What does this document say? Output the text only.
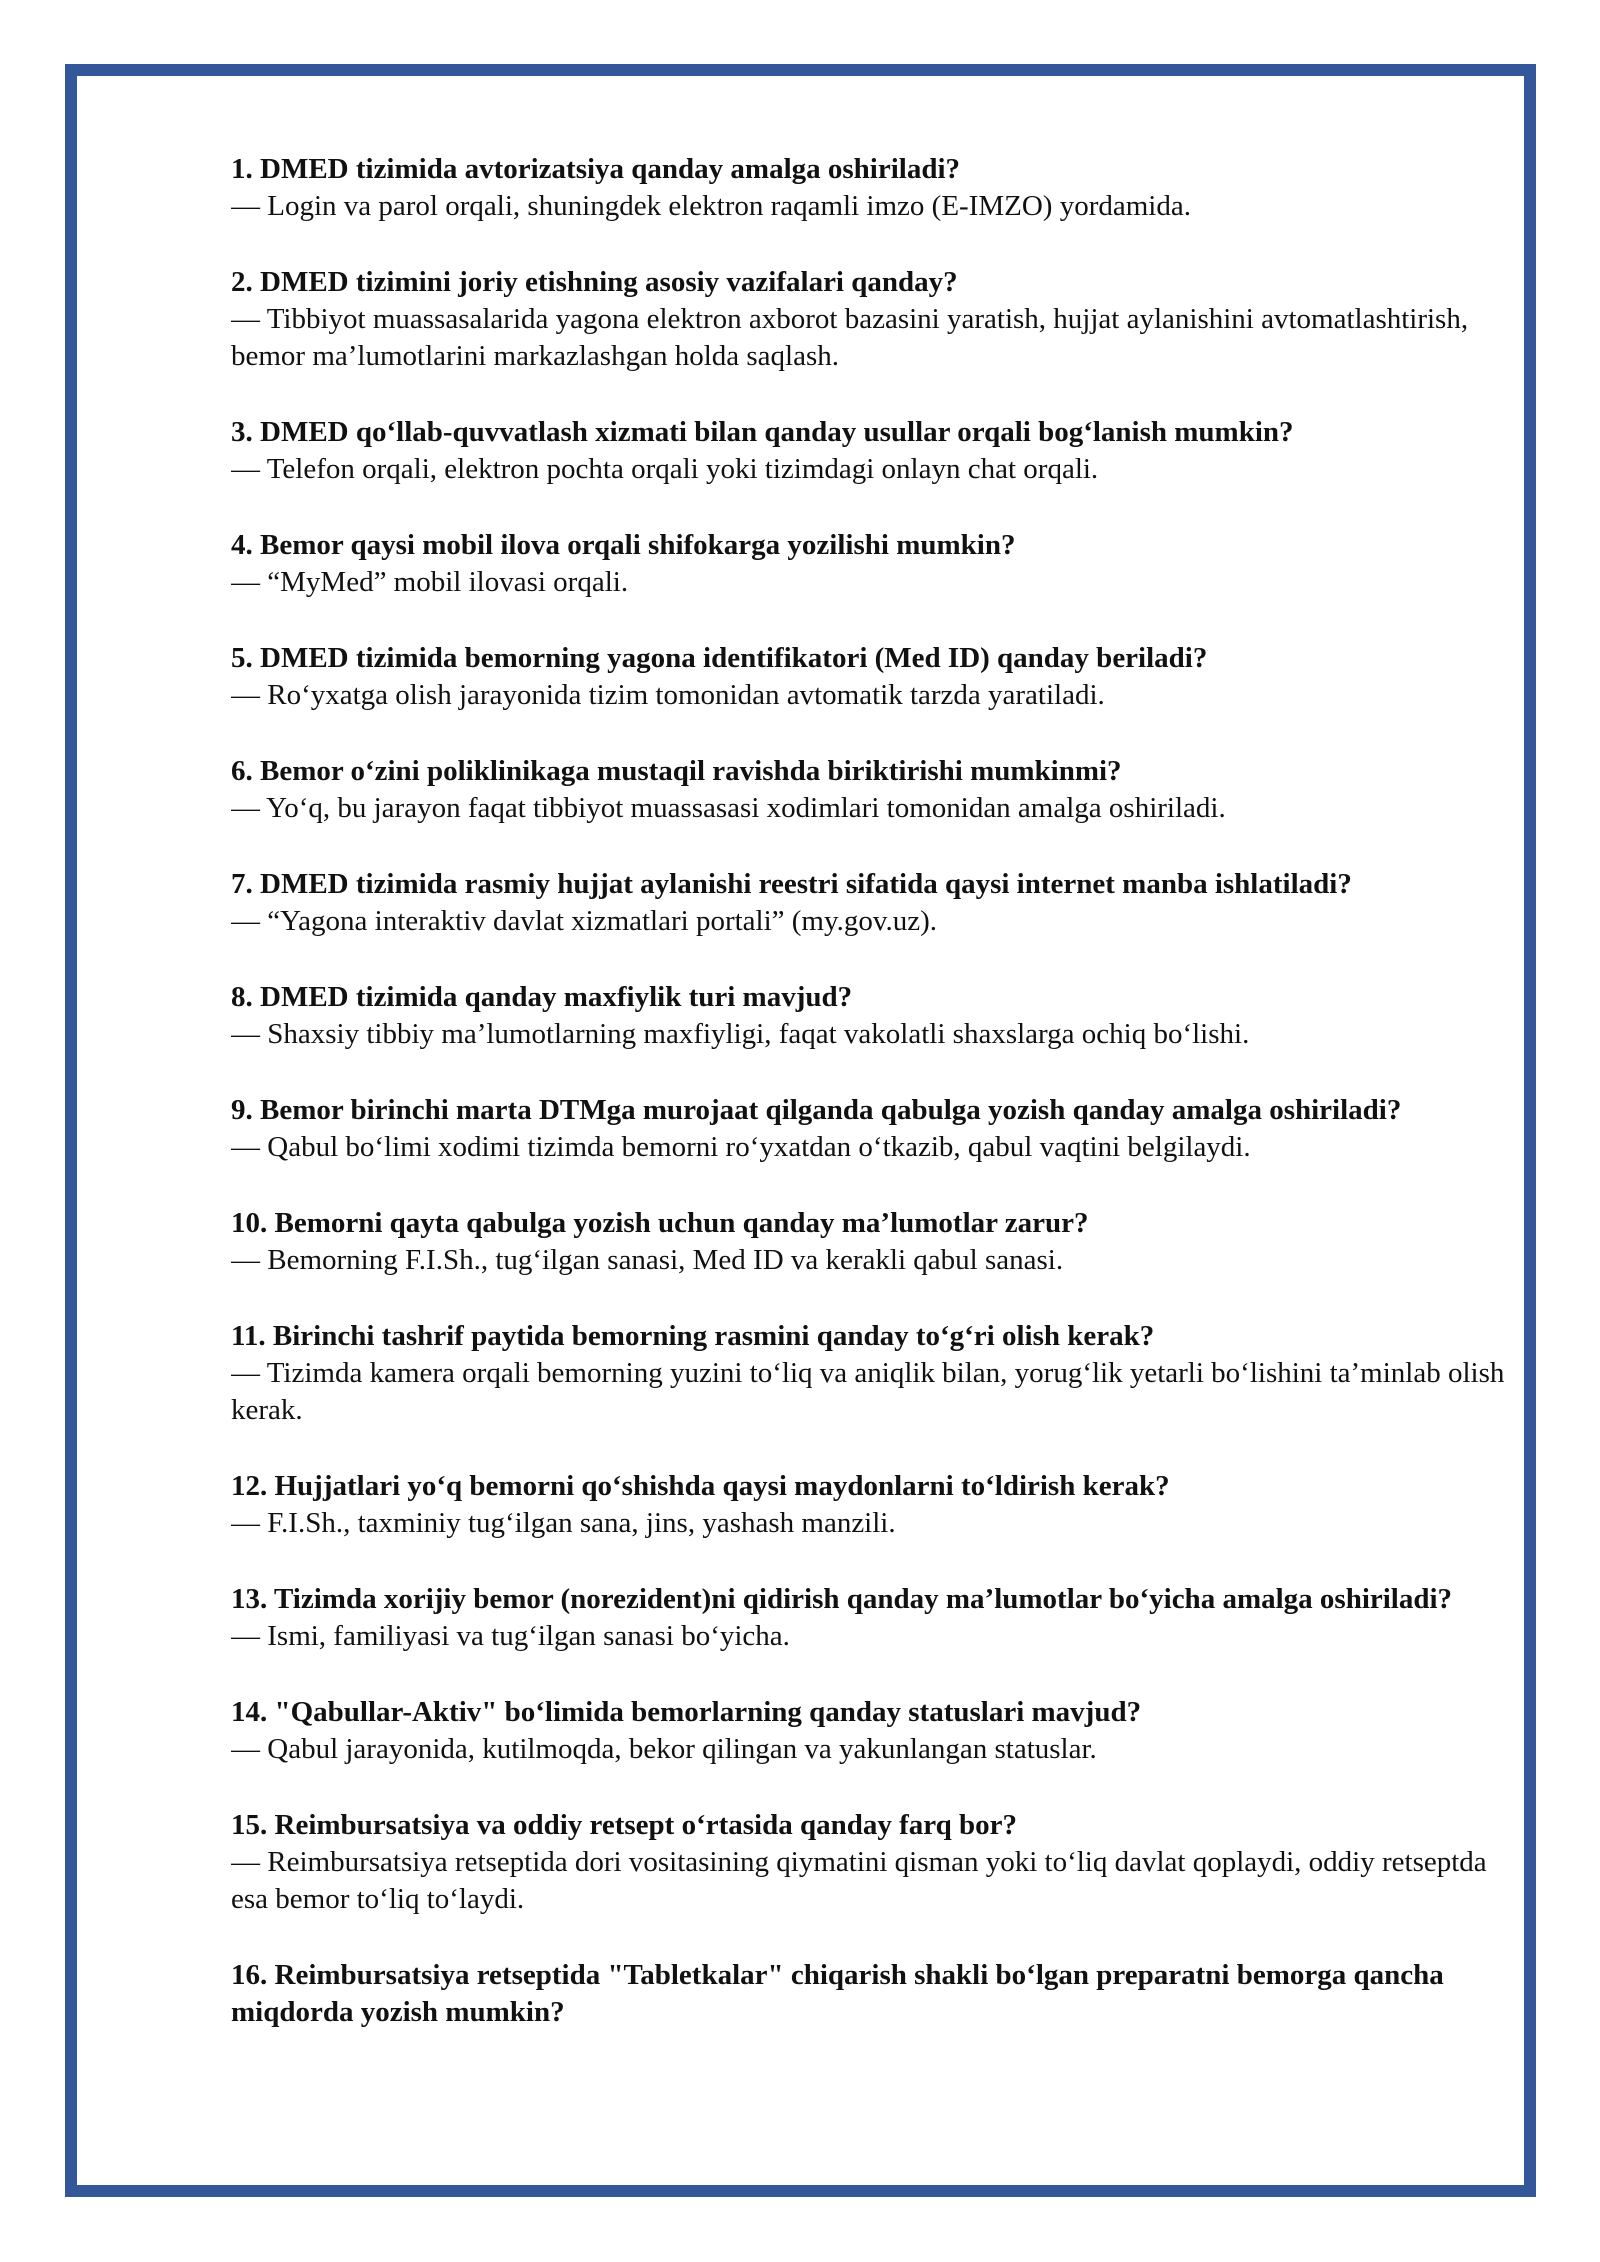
1. DMED tizimida avtorizatsiya qanday amalga oshiriladi?

— Login va parol orqali, shuningdek elektron raqamli imzo (E-IMZO) yordamida.

2. DMED tizimini joriy etishning asosiy vazifalari qanday?

— Tibbiyot muassasalarida yagona elektron axborot bazasini yaratish, hujjat aylanishini avtomatlashtirish, bemor ma’lumotlarini markazlashgan holda saqlash.

3. DMED qo‘llab-quvvatlash xizmati bilan qanday usullar orqali bog‘lanish mumkin?

— Telefon orqali, elektron pochta orqali yoki tizimdagi onlayn chat orqali.

4. Bemor qaysi mobil ilova orqali shifokarga yozilishi mumkin?

— “MyMed” mobil ilovasi orqali.

5. DMED tizimida bemorning yagona identifikatori (Med ID) qanday beriladi?

— Ro‘yxatga olish jarayonida tizim tomonidan avtomatik tarzda yaratiladi.

6. Bemor o‘zini poliklinikaga mustaqil ravishda biriktirishi mumkinmi?

— Yo‘q, bu jarayon faqat tibbiyot muassasasi xodimlari tomonidan amalga oshiriladi.

7. DMED tizimida rasmiy hujjat aylanishi reestri sifatida qaysi internet manba ishlatiladi?

— “Yagona interaktiv davlat xizmatlari portali” (my.gov.uz).

8. DMED tizimida qanday maxfiylik turi mavjud?

— Shaxsiy tibbiy ma’lumotlarning maxfiyligi, faqat vakolatli shaxslarga ochiq bo‘lishi.

9. Bemor birinchi marta DTMga murojaat qilganda qabulga yozish qanday amalga oshiriladi?

— Qabul bo‘limi xodimi tizimda bemorni ro‘yxatdan o‘tkazib, qabul vaqtini belgilaydi.

10. Bemorni qayta qabulga yozish uchun qanday ma’lumotlar zarur?

— Bemorning F.I.Sh., tug‘ilgan sanasi, Med ID va kerakli qabul sanasi.

11. Birinchi tashrif paytida bemorning rasmini qanday to‘g‘ri olish kerak?

— Tizimda kamera orqali bemorning yuzini to‘liq va aniqlik bilan, yorug‘lik yetarli bo‘lishini ta’minlab olish kerak.

12. Hujjatlari yo‘q bemorni qo‘shishda qaysi maydonlarni to‘ldirish kerak?

— F.I.Sh., taxminiy tug‘ilgan sana, jins, yashash manzili.

13. Tizimda xorijiy bemor (norezident)ni qidirish qanday ma’lumotlar bo‘yicha amalga oshiriladi?

— Ismi, familiyasi va tug‘ilgan sanasi bo‘yicha.

14. "Qabullar-Aktiv" bo‘limida bemorlarning qanday statuslari mavjud?

— Qabul jarayonida, kutilmoqda, bekor qilingan va yakunlangan statuslar.

15. Reimbursatsiya va oddiy retsept o‘rtasida qanday farq bor?

— Reimbursatsiya retseptida dori vositasining qiymatini qisman yoki to‘liq davlat qoplaydi, oddiy retseptda esa bemor to‘liq to‘laydi.

16. Reimbursatsiya retseptida "Tabletkalar" chiqarish shakli bo‘lgan preparatni bemorga qancha miqdorda yozish mumkin?
